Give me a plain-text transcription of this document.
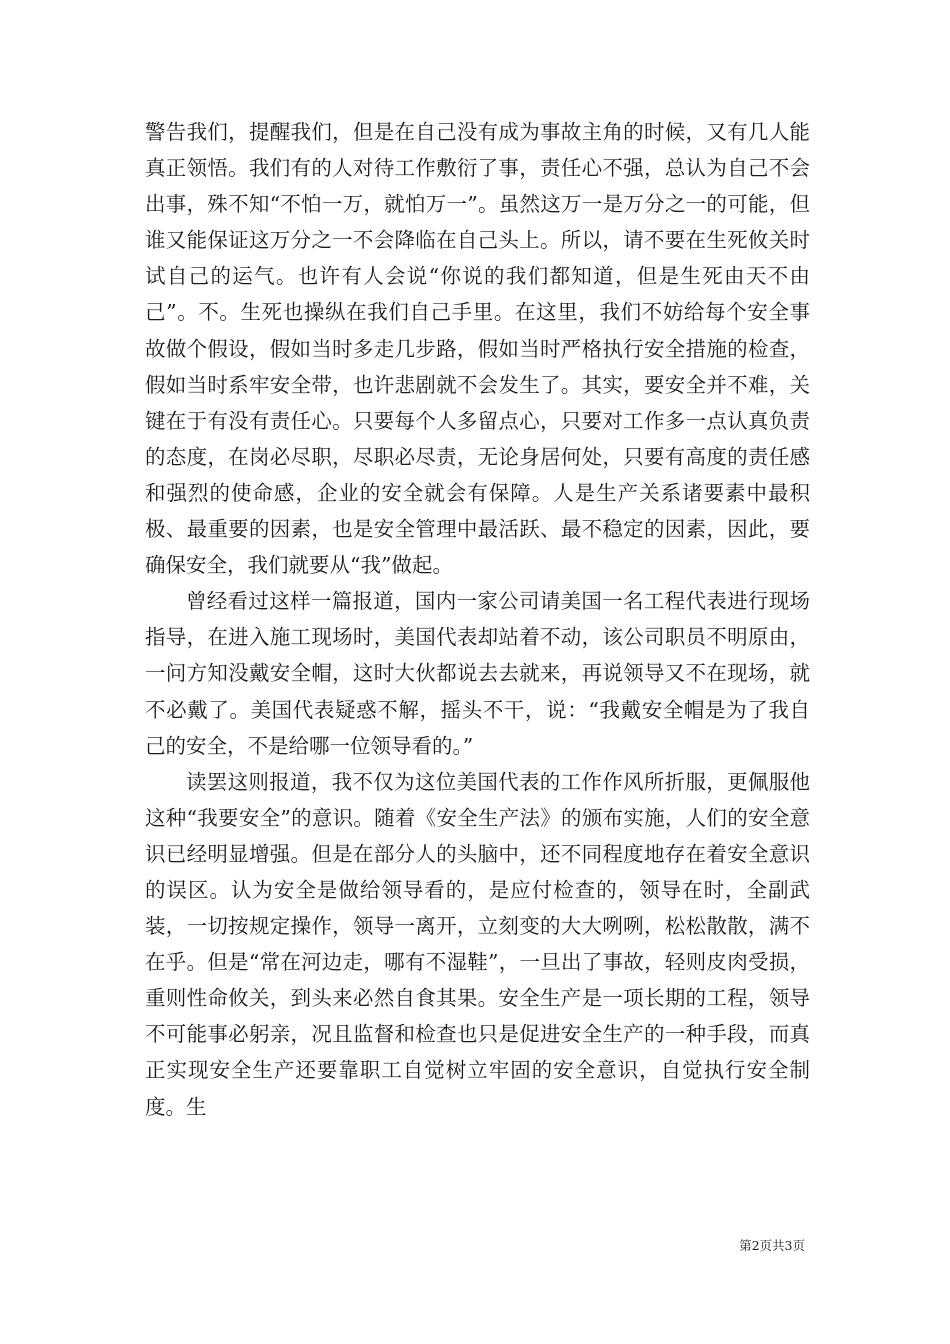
警告我们，提醒我们，但是在自己没有成为事故主角的时候，又有几人能真正领悟。我们有的人对待工作敷衍了事，责任心不强，总认为自己不会出事，殊不知“不怕一万，就怕万一”。虽然这万一是万分之一的可能，但谁又能保证这万分之一不会降临在自己头上。所以，请不要在生死攸关时试自己的运气。也许有人会说“你说的我们都知道，但是生死由天不由己”。不。生死也操纵在我们自己手里。在这里，我们不妨给每个安全事故做个假设，假如当时多走几步路，假如当时严格执行安全措施的检查，假如当时系牢安全带，也许悲剧就不会发生了。其实，要安全并不难，关键在于有没有责任心。只要每个人多留点心，只要对工作多一点认真负责的态度，在岗必尽职，尽职必尽责，无论身居何处，只要有高度的责任感和强烈的使命感，企业的安全就会有保障。人是生产关系诸要素中最积极、最重要的因素，也是安全管理中最活跃、最不稳定的因素，因此，要确保安全，我们就要从“我”做起。

曾经看过这样一篇报道，国内一家公司请美国一名工程代表进行现场指导，在进入施工现场时，美国代表却站着不动，该公司职员不明原由，一问方知没戴安全帽，这时大伙都说去去就来，再说领导又不在现场，就不必戴了。美国代表疑惑不解，摇头不干，说：“我戴安全帽是为了我自己的安全，不是给哪一位领导看的。”

读罢这则报道，我不仅为这位美国代表的工作作风所折服，更佩服他这种“我要安全”的意识。随着《安全生产法》的颁布实施，人们的安全意识已经明显增强。但是在部分人的头脑中，还不同程度地存在着安全意识的误区。认为安全是做给领导看的，是应付检查的，领导在时，全副武装，一切按规定操作，领导一离开，立刻变的大大咧咧，松松散散，满不在乎。但是“常在河边走，哪有不湿鞋”，一旦出了事故，轻则皮肉受损，重则性命攸关，到头来必然自食其果。安全生产是一项长期的工程，领导不可能事必躬亲，况且监督和检查也只是促进安全生产的一种手段，而真正实现安全生产还要靠职工自觉树立牢固的安全意识，自觉执行安全制度。生

第2页共3页
